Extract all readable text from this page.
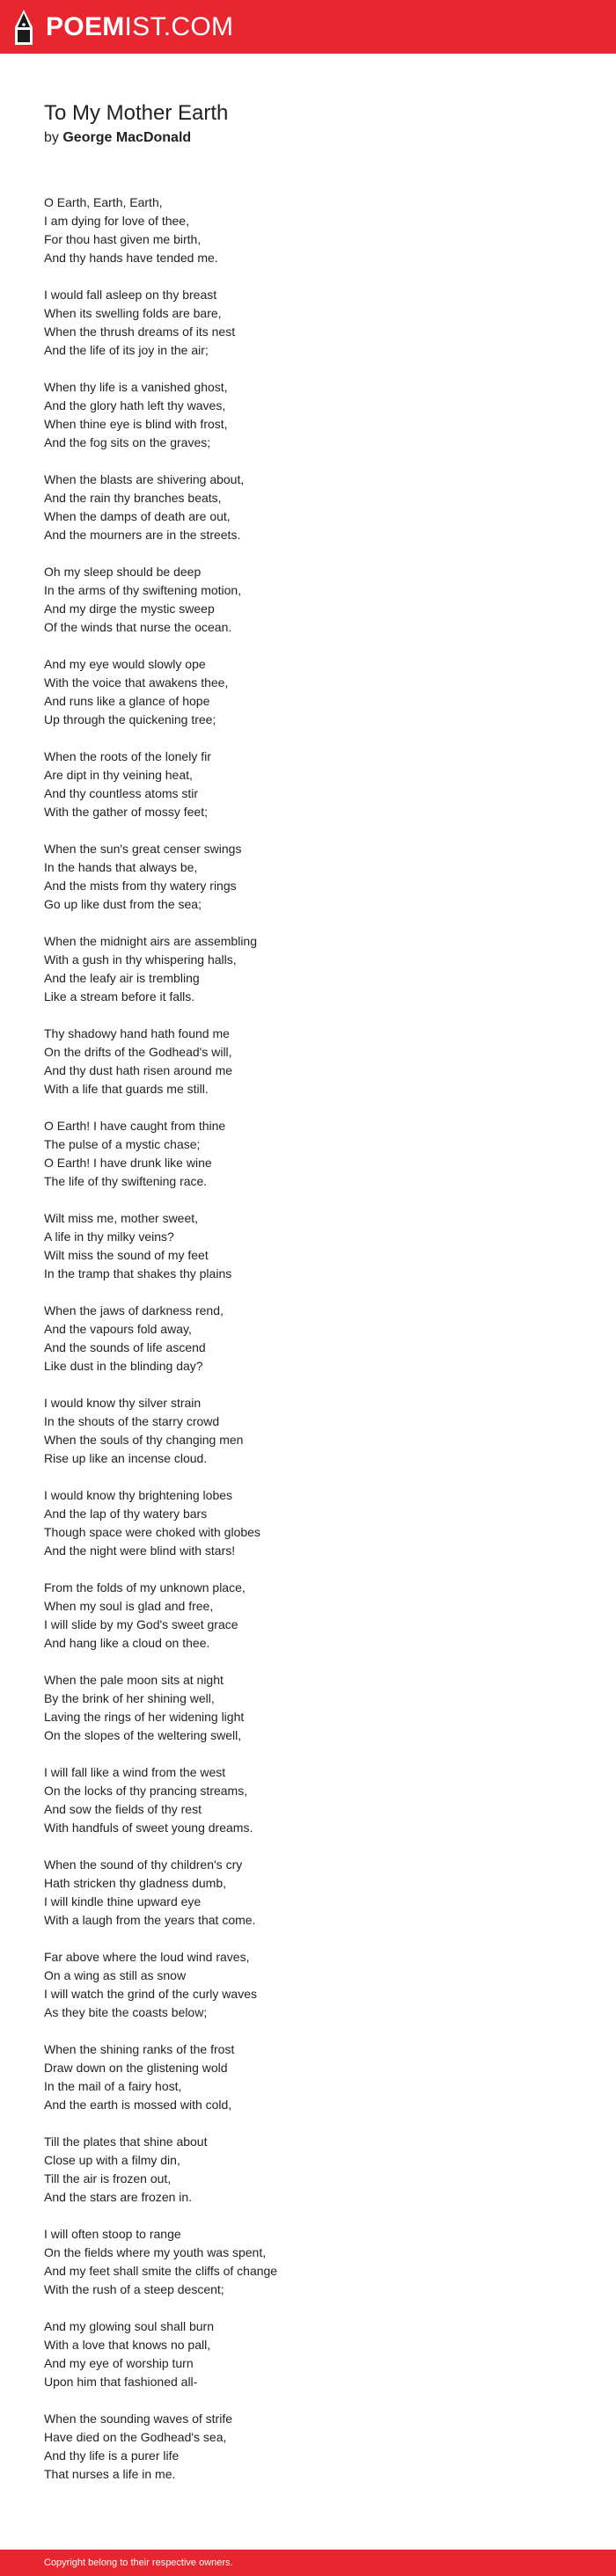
POEMIST.COM
To My Mother Earth
by George MacDonald
O Earth, Earth, Earth,
I am dying for love of thee,
For thou hast given me birth,
And thy hands have tended me.
I would fall asleep on thy breast
When its swelling folds are bare,
When the thrush dreams of its nest
And the life of its joy in the air;
When thy life is a vanished ghost,
And the glory hath left thy waves,
When thine eye is blind with frost,
And the fog sits on the graves;
When the blasts are shivering about,
And the rain thy branches beats,
When the damps of death are out,
And the mourners are in the streets.
Oh my sleep should be deep
In the arms of thy swiftening motion,
And my dirge the mystic sweep
Of the winds that nurse the ocean.
And my eye would slowly ope
With the voice that awakens thee,
And runs like a glance of hope
Up through the quickening tree;
When the roots of the lonely fir
Are dipt in thy veining heat,
And thy countless atoms stir
With the gather of mossy feet;
When the sun's great censer swings
In the hands that always be,
And the mists from thy watery rings
Go up like dust from the sea;
When the midnight airs are assembling
With a gush in thy whispering halls,
And the leafy air is trembling
Like a stream before it falls.
Thy shadowy hand hath found me
On the drifts of the Godhead's will,
And thy dust hath risen around me
With a life that guards me still.
O Earth! I have caught from thine
The pulse of a mystic chase;
O Earth! I have drunk like wine
The life of thy swiftening race.
Wilt miss me, mother sweet,
A life in thy milky veins?
Wilt miss the sound of my feet
In the tramp that shakes thy plains
When the jaws of darkness rend,
And the vapours fold away,
And the sounds of life ascend
Like dust in the blinding day?
I would know thy silver strain
In the shouts of the starry crowd
When the souls of thy changing men
Rise up like an incense cloud.
I would know thy brightening lobes
And the lap of thy watery bars
Though space were choked with globes
And the night were blind with stars!
From the folds of my unknown place,
When my soul is glad and free,
I will slide by my God's sweet grace
And hang like a cloud on thee.
When the pale moon sits at night
By the brink of her shining well,
Laving the rings of her widening light
On the slopes of the weltering swell,
I will fall like a wind from the west
On the locks of thy prancing streams,
And sow the fields of thy rest
With handfuls of sweet young dreams.
When the sound of thy children's cry
Hath stricken thy gladness dumb,
I will kindle thine upward eye
With a laugh from the years that come.
Far above where the loud wind raves,
On a wing as still as snow
I will watch the grind of the curly waves
As they bite the coasts below;
When the shining ranks of the frost
Draw down on the glistening wold
In the mail of a fairy host,
And the earth is mossed with cold,
Till the plates that shine about
Close up with a filmy din,
Till the air is frozen out,
And the stars are frozen in.
I will often stoop to range
On the fields where my youth was spent,
And my feet shall smite the cliffs of change
With the rush of a steep descent;
And my glowing soul shall burn
With a love that knows no pall,
And my eye of worship turn
Upon him that fashioned all-
When the sounding waves of strife
Have died on the Godhead's sea,
And thy life is a purer life
That nurses a life in me.
Copyright belong to their respective owners.
